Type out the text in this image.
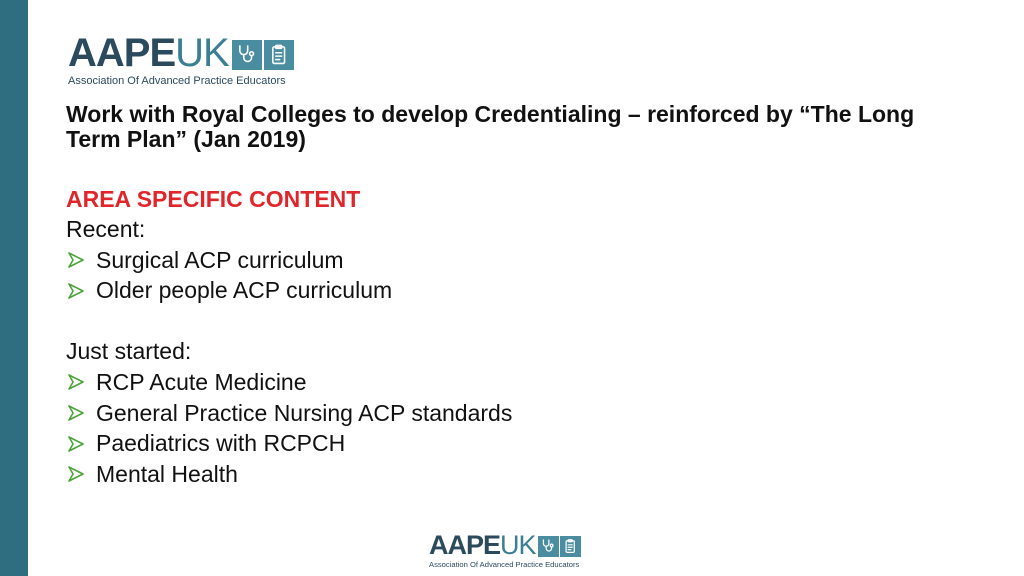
AAPE UK
Association Of Advanced Practice Educators
Work with Royal Colleges to develop Credentialing – reinforced by “The Long Term Plan” (Jan 2019)
AREA SPECIFIC CONTENT
Recent:
Surgical ACP curriculum
Older people ACP curriculum
Just started:
RCP Acute Medicine
General Practice Nursing ACP standards
Paediatrics with RCPCH
Mental Health
AAPE UK
Association Of Advanced Practice Educators
